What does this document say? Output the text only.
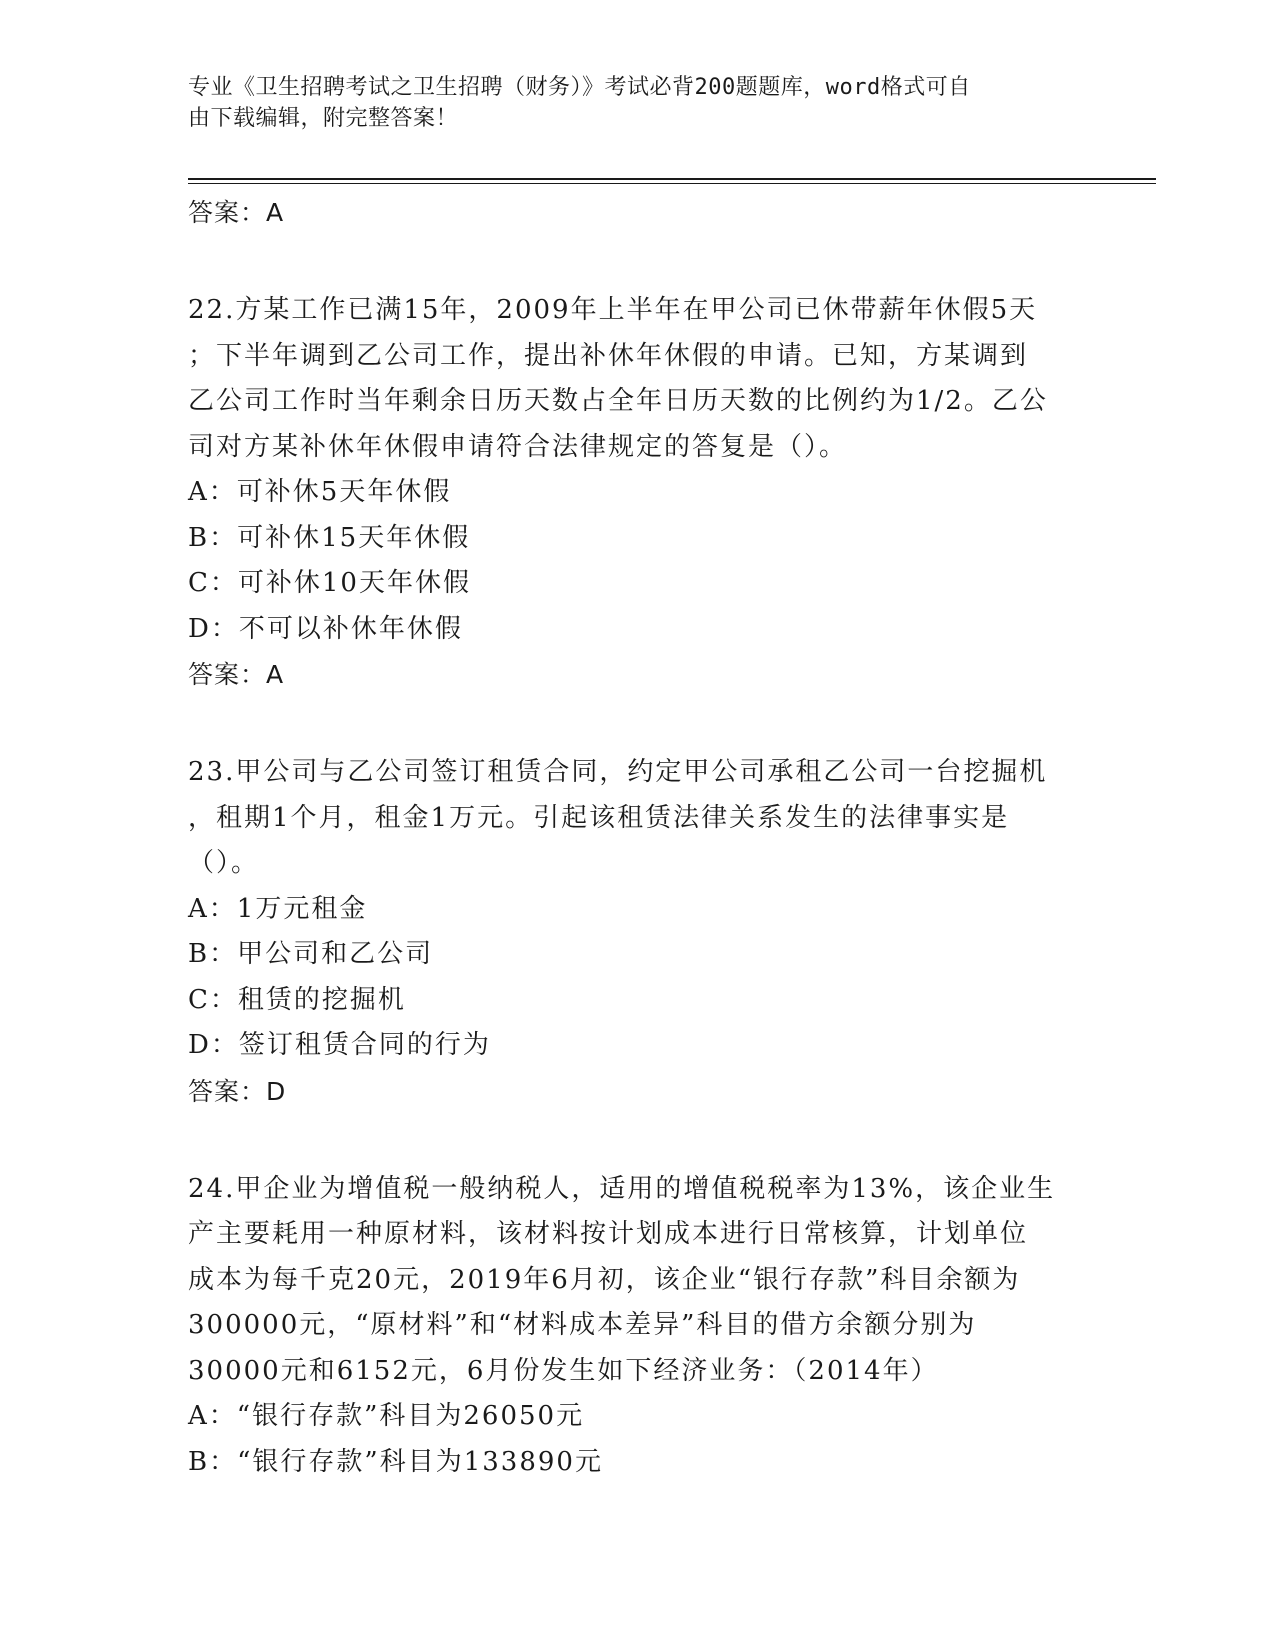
专业《卫生招聘考试之卫生招聘（财务）》考试必背200题题库，word格式可自
由下载编辑，附完整答案！
答案：A
22.方某工作已满15年，2009年上半年在甲公司已休带薪年休假5天
；下半年调到乙公司工作，提出补休年休假的申请。已知，方某调到
乙公司工作时当年剩余日历天数占全年日历天数的比例约为1/2。乙公
司对方某补休年休假申请符合法律规定的答复是（）。
A：可补休5天年休假
B：可补休15天年休假
C：可补休10天年休假
D：不可以补休年休假
答案：A
23.甲公司与乙公司签订租赁合同，约定甲公司承租乙公司一台挖掘机
，租期1个月，租金1万元。引起该租赁法律关系发生的法律事实是
（）。
A：1万元租金
B：甲公司和乙公司
C：租赁的挖掘机
D：签订租赁合同的行为
答案：D
24.甲企业为增值税一般纳税人，适用的增值税税率为13%，该企业生
产主要耗用一种原材料，该材料按计划成本进行日常核算，计划单位
成本为每千克20元，2019年6月初，该企业“银行存款”科目余额为
300000元，“原材料”和“材料成本差异”科目的借方余额分别为
30000元和6152元，6月份发生如下经济业务：（2014年）
A：“银行存款”科目为26050元
B：“银行存款”科目为133890元
